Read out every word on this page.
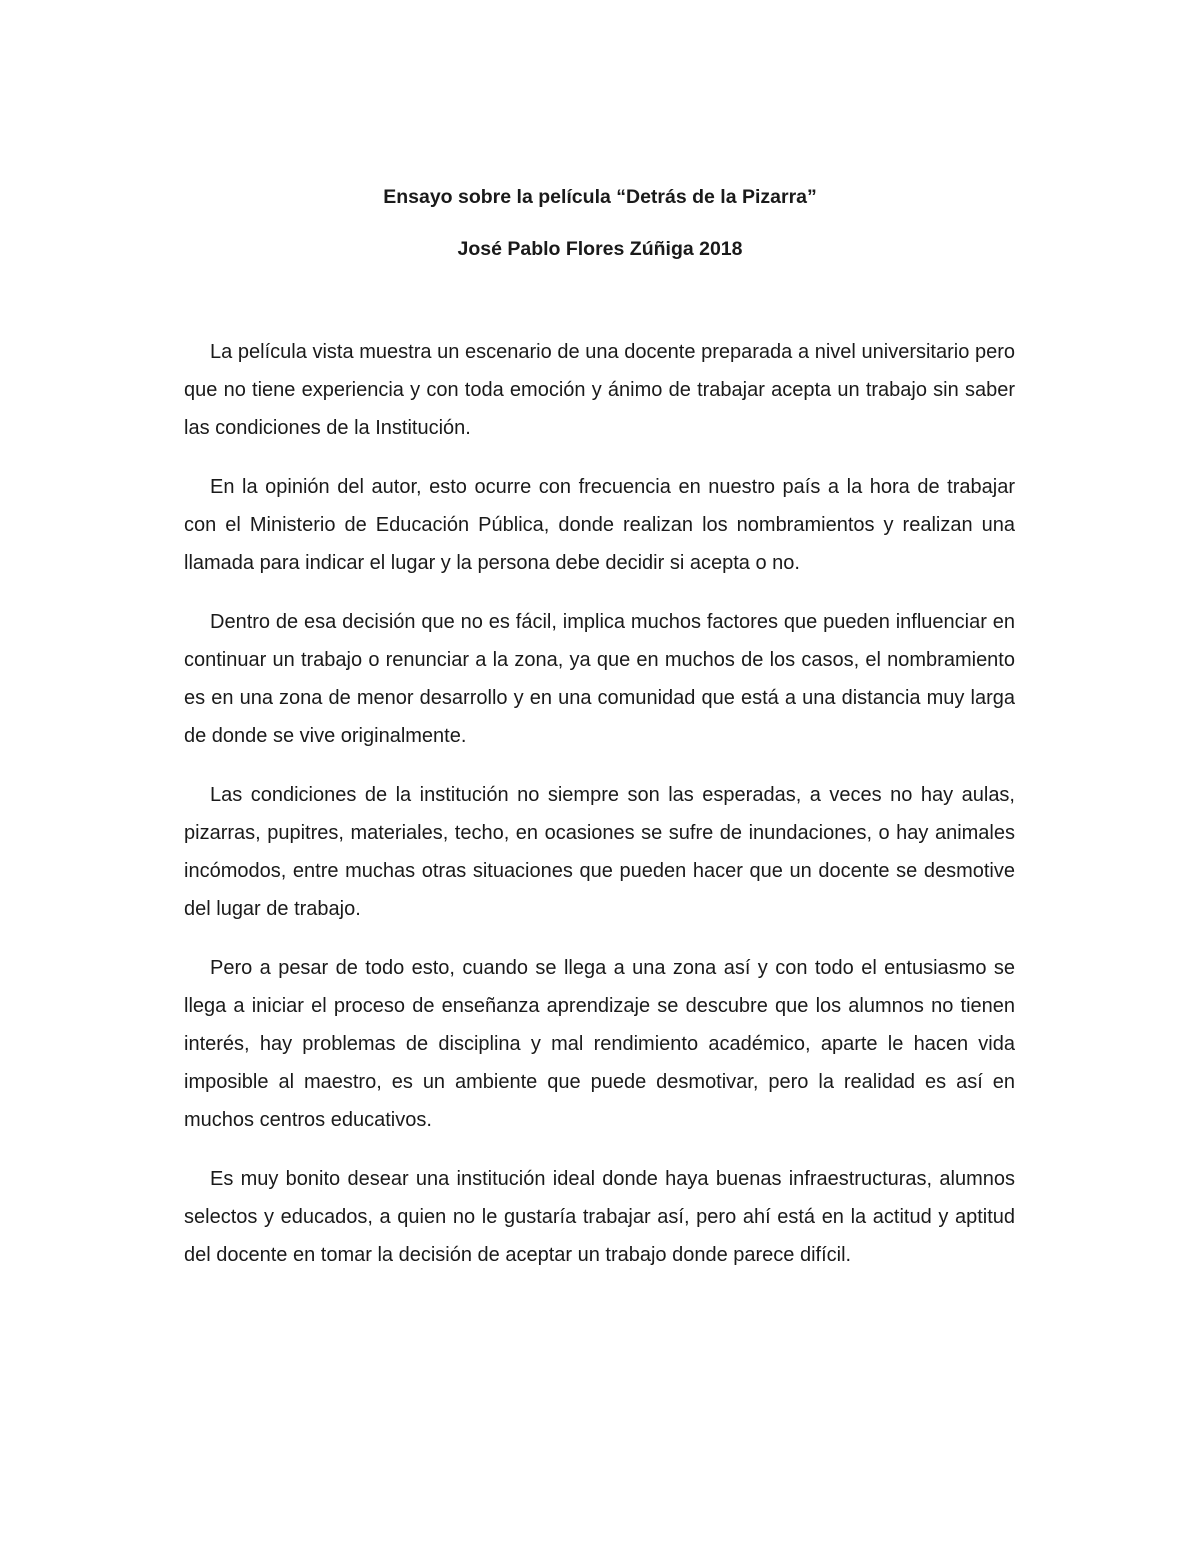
Ensayo sobre la película “Detrás de la Pizarra”
José Pablo Flores Zúñiga 2018

La película vista muestra un escenario de una docente preparada a nivel universitario pero que no tiene experiencia y con toda emoción y ánimo de trabajar acepta un trabajo sin saber las condiciones de la Institución.

En la opinión del autor, esto ocurre con frecuencia en nuestro país a la hora de trabajar con el Ministerio de Educación Pública, donde realizan los nombramientos y realizan una llamada para indicar el lugar y la persona debe decidir si acepta o no.

Dentro de esa decisión que no es fácil, implica muchos factores que pueden influenciar en continuar un trabajo o renunciar a la zona, ya que en muchos de los casos, el nombramiento es en una zona de menor desarrollo y en una comunidad que está a una distancia muy larga de donde se vive originalmente.

Las condiciones de la institución no siempre son las esperadas, a veces no hay aulas, pizarras, pupitres, materiales, techo, en ocasiones se sufre de inundaciones, o hay animales incómodos, entre muchas otras situaciones que pueden hacer que un docente se desmotive del lugar de trabajo.

Pero a pesar de todo esto, cuando se llega a una zona así y con todo el entusiasmo se llega a iniciar el proceso de enseñanza aprendizaje se descubre que los alumnos no tienen interés, hay problemas de disciplina y mal rendimiento académico, aparte le hacen vida imposible al maestro, es un ambiente que puede desmotivar, pero la realidad es así en muchos centros educativos.

Es muy bonito desear una institución ideal donde haya buenas infraestructuras, alumnos selectos y educados, a quien no le gustaría trabajar así, pero ahí está en la actitud y aptitud del docente en tomar la decisión de aceptar un trabajo donde parece difícil.
